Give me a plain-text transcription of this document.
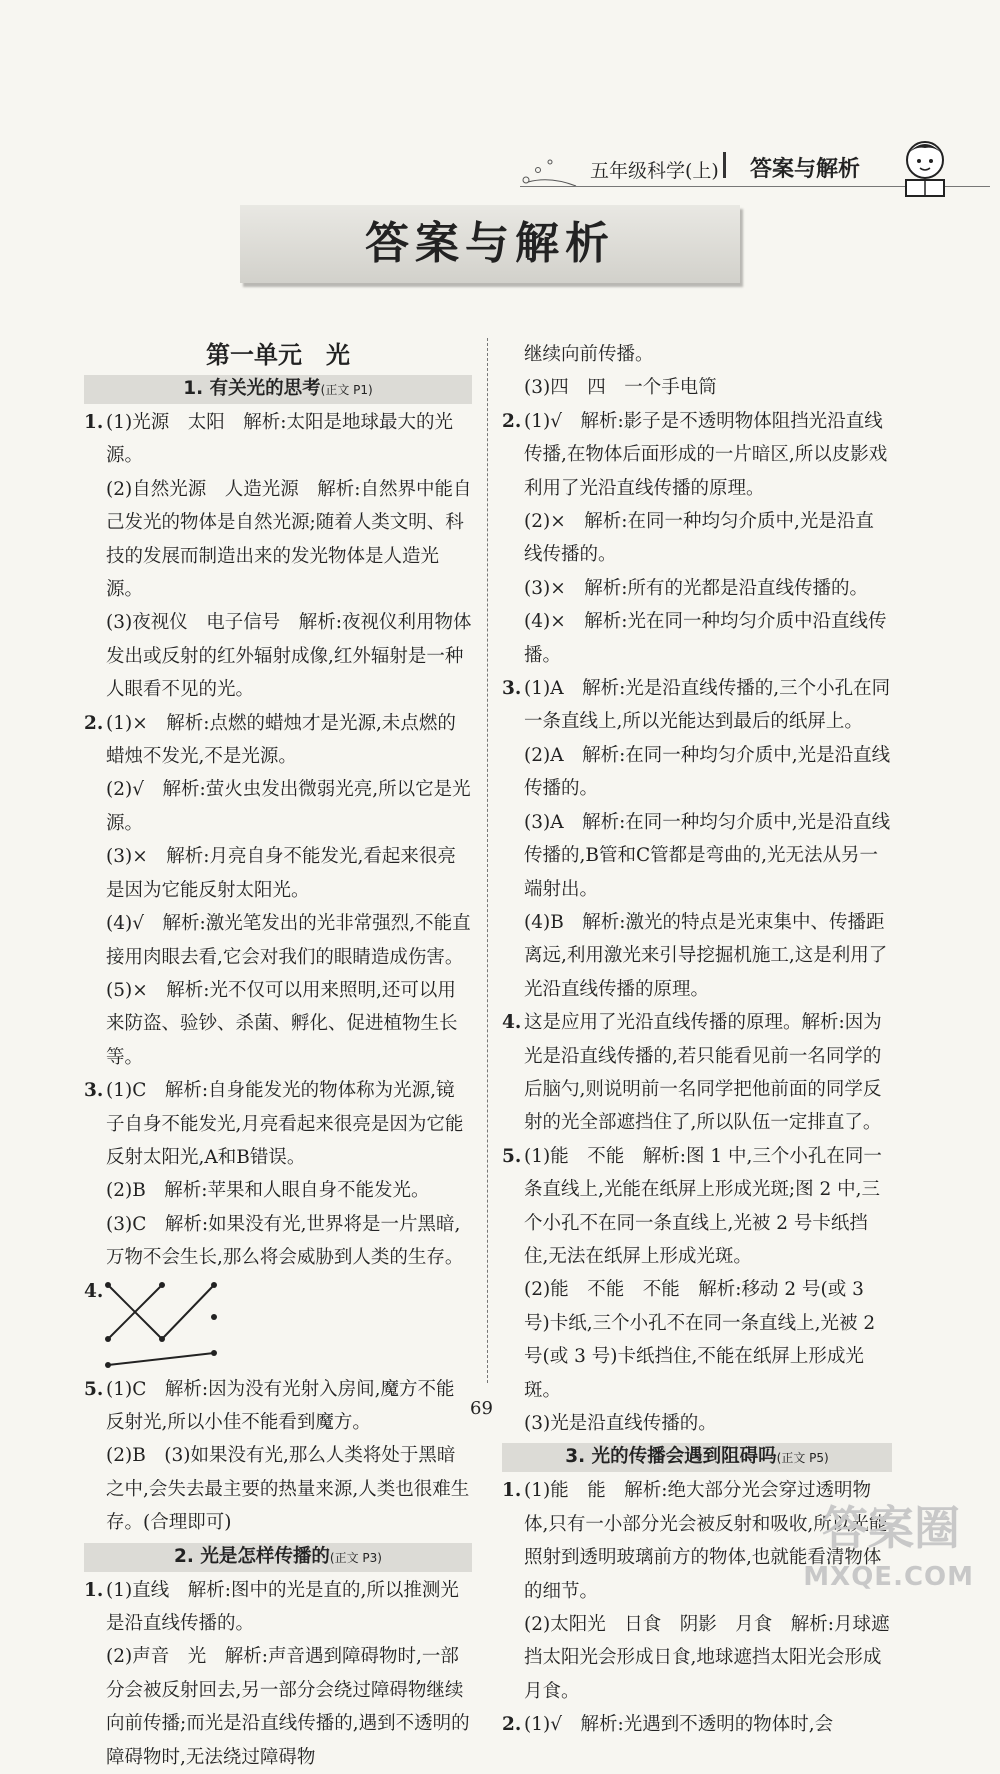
五年级科学(上) 答案与解析
答案与解析
第一单元　光
1. 有关光的思考(正文 P1)

1. (1)光源　太阳　解析:太阳是地球最大的光源。

(2)自然光源　人造光源　解析:自然界中能自己发光的物体是自然光源;随着人类文明、科技的发展而制造出来的发光物体是人造光源。

(3)夜视仪　电子信号　解析:夜视仪利用物体发出或反射的红外辐射成像,红外辐射是一种人眼看不见的光。

2. (1)×　解析:点燃的蜡烛才是光源,未点燃的蜡烛不发光,不是光源。

(2)√　解析:萤火虫发出微弱光亮,所以它是光源。

(3)×　解析:月亮自身不能发光,看起来很亮是因为它能反射太阳光。

(4)√　解析:激光笔发出的光非常强烈,不能直接用肉眼去看,它会对我们的眼睛造成伤害。

(5)×　解析:光不仅可以用来照明,还可以用来防盗、验钞、杀菌、孵化、促进植物生长等。

3. (1)C　解析:自身能发光的物体称为光源,镜子自身不能发光,月亮看起来很亮是因为它能反射太阳光,A和B错误。

(2)B　解析:苹果和人眼自身不能发光。

(3)C　解析:如果没有光,世界将是一片黑暗,万物不会生长,那么将会威胁到人类的生存。

4.

5. (1)C　解析:因为没有光射入房间,魔方不能反射光,所以小佳不能看到魔方。

(2)B　(3)如果没有光,那么人类将处于黑暗之中,会失去最主要的热量来源,人类也很难生存。(合理即可)

2. 光是怎样传播的(正文 P3)

1. (1)直线　解析:图中的光是直的,所以推测光是沿直线传播的。

(2)声音　光　解析:声音遇到障碍物时,一部分会被反射回去,另一部分会绕过障碍物继续向前传播;而光是沿直线传播的,遇到不透明的障碍物时,无法绕过障碍物

继续向前传播。

(3)四　四　一个手电筒

2. (1)√　解析:影子是不透明物体阻挡光沿直线传播,在物体后面形成的一片暗区,所以皮影戏利用了光沿直线传播的原理。

(2)×　解析:在同一种均匀介质中,光是沿直线传播的。

(3)×　解析:所有的光都是沿直线传播的。

(4)×　解析:光在同一种均匀介质中沿直线传播。

3. (1)A　解析:光是沿直线传播的,三个小孔在同一条直线上,所以光能达到最后的纸屏上。

(2)A　解析:在同一种均匀介质中,光是沿直线传播的。

(3)A　解析:在同一种均匀介质中,光是沿直线传播的,B管和C管都是弯曲的,光无法从另一端射出。

(4)B　解析:激光的特点是光束集中、传播距离远,利用激光来引导挖掘机施工,这是利用了光沿直线传播的原理。

4. 这是应用了光沿直线传播的原理。解析:因为光是沿直线传播的,若只能看见前一名同学的后脑勺,则说明前一名同学把他前面的同学反射的光全部遮挡住了,所以队伍一定排直了。

5. (1)能　不能　解析:图 1 中,三个小孔在同一条直线上,光能在纸屏上形成光斑;图 2 中,三个小孔不在同一条直线上,光被 2 号卡纸挡住,无法在纸屏上形成光斑。

(2)能　不能　不能　解析:移动 2 号(或 3 号)卡纸,三个小孔不在同一条直线上,光被 2 号(或 3 号)卡纸挡住,不能在纸屏上形成光斑。

(3)光是沿直线传播的。

3. 光的传播会遇到阻碍吗(正文 P5)

1. (1)能　能　解析:绝大部分光会穿过透明物体,只有一小部分光会被反射和吸收,所以光能照射到透明玻璃前方的物体,也就能看清物体的细节。

(2)太阳光　日食　阴影　月食　解析:月球遮挡太阳光会形成日食,地球遮挡太阳光会形成月食。

2. (1)√　解析:光遇到不透明的物体时,会

69
答案圈
MXQE.COM
